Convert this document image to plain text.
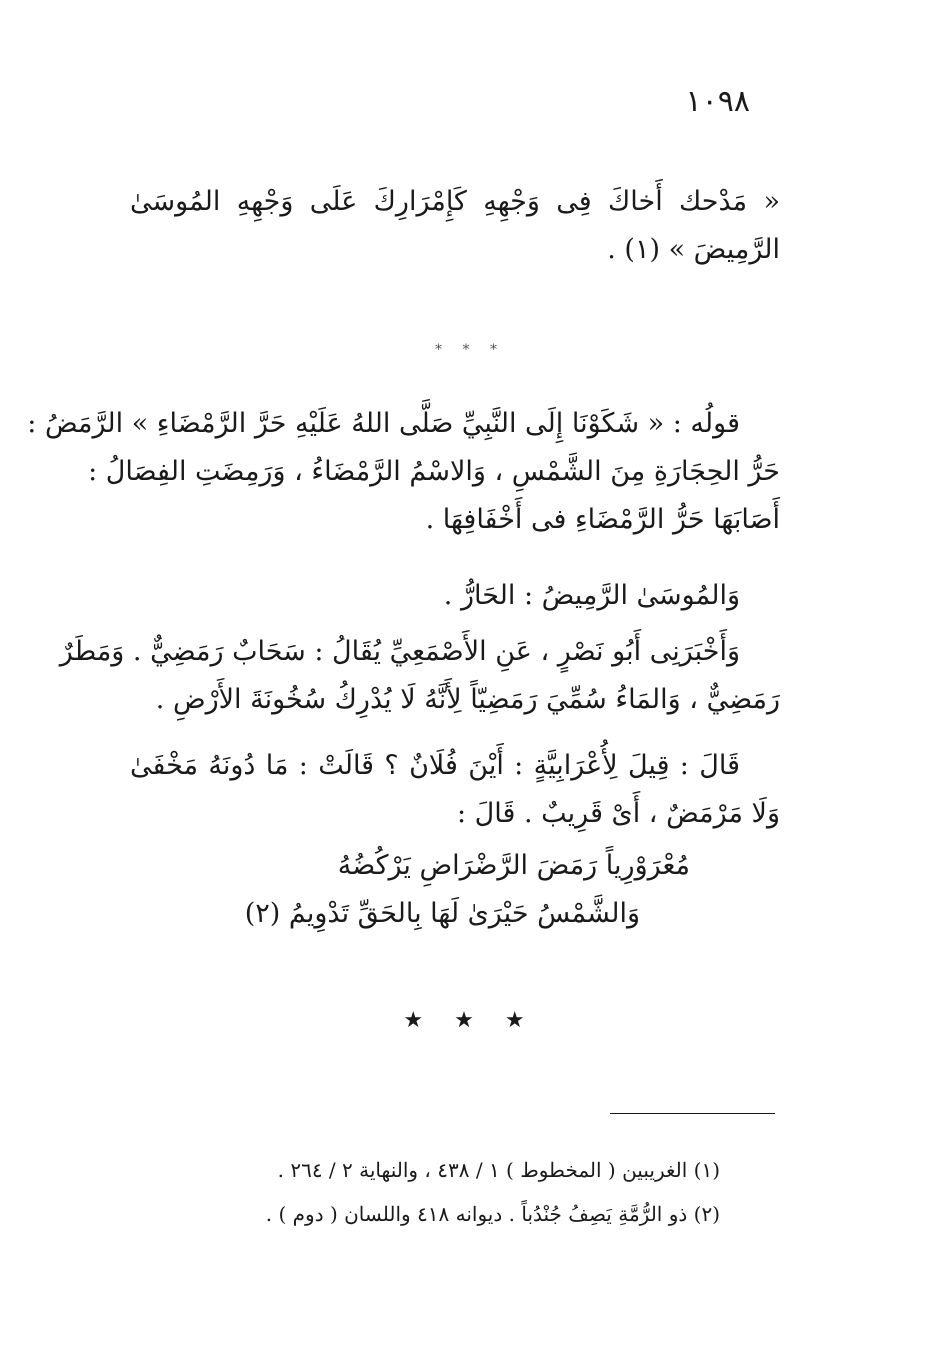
١٠٩٨
« مَدْحك أَخاكَ فِى وَجْهِهِ كَإِمْرَارِكَ عَلَى وَجْهِهِ المُوسَىٰ
الرَّمِيضَ » (١) .
* * *
قولُه : « شَكَوْنَا إِلَى النَّبِيِّ صَلَّى اللهُ عَلَيْهِ حَرَّ الرَّمْضَاءِ » الرَّمَضُ :
حَرُّ الحِجَارَةِ مِنَ الشَّمْسِ ، وَالاسْمُ الرَّمْضَاءُ ، وَرَمِضَتِ الفِصَالُ :
أَصَابَهَا حَرُّ الرَّمْضَاءِ فى أَخْفَافِهَا .
وَالمُوسَىٰ الرَّمِيضُ : الحَارُّ .
وَأَخْبَرَنِى أَبُو نَصْرٍ ، عَنِ الأَصْمَعِيِّ يُقَالُ : سَحَابٌ رَمَضِيٌّ . وَمَطَرٌ
رَمَضِيٌّ ، وَالمَاءُ سُمِّيَ رَمَضِيّاً لِأَنَّهُ لَا يُدْرِكُ سُخُونَةَ الأَرْضِ .
قَالَ : قِيلَ لِأُعْرَابِيَّةٍ : أَيْنَ فُلَانٌ ؟ قَالَتْ : مَا دُونَهُ مَخْفَىٰ
وَلَا مَرْمَضٌ ، أَىْ قَرِيبٌ . قَالَ :
مُعْرَوْرِياً رَمَضَ الرَّضْرَاضِ يَرْكُضُهُ
وَالشَّمْسُ حَيْرَىٰ لَهَا بِالحَقِّ تَدْوِيمُ (٢)
★ ★ ★
(١) الغريبين ( المخطوط ) ١ / ٤٣٨ ، والنهاية ٢ / ٢٦٤ .
(٢) ذو الرُّمَّةِ يَصِفُ جُنْدُباً . ديوانه ٤١٨ واللسان ( دوم ) .
